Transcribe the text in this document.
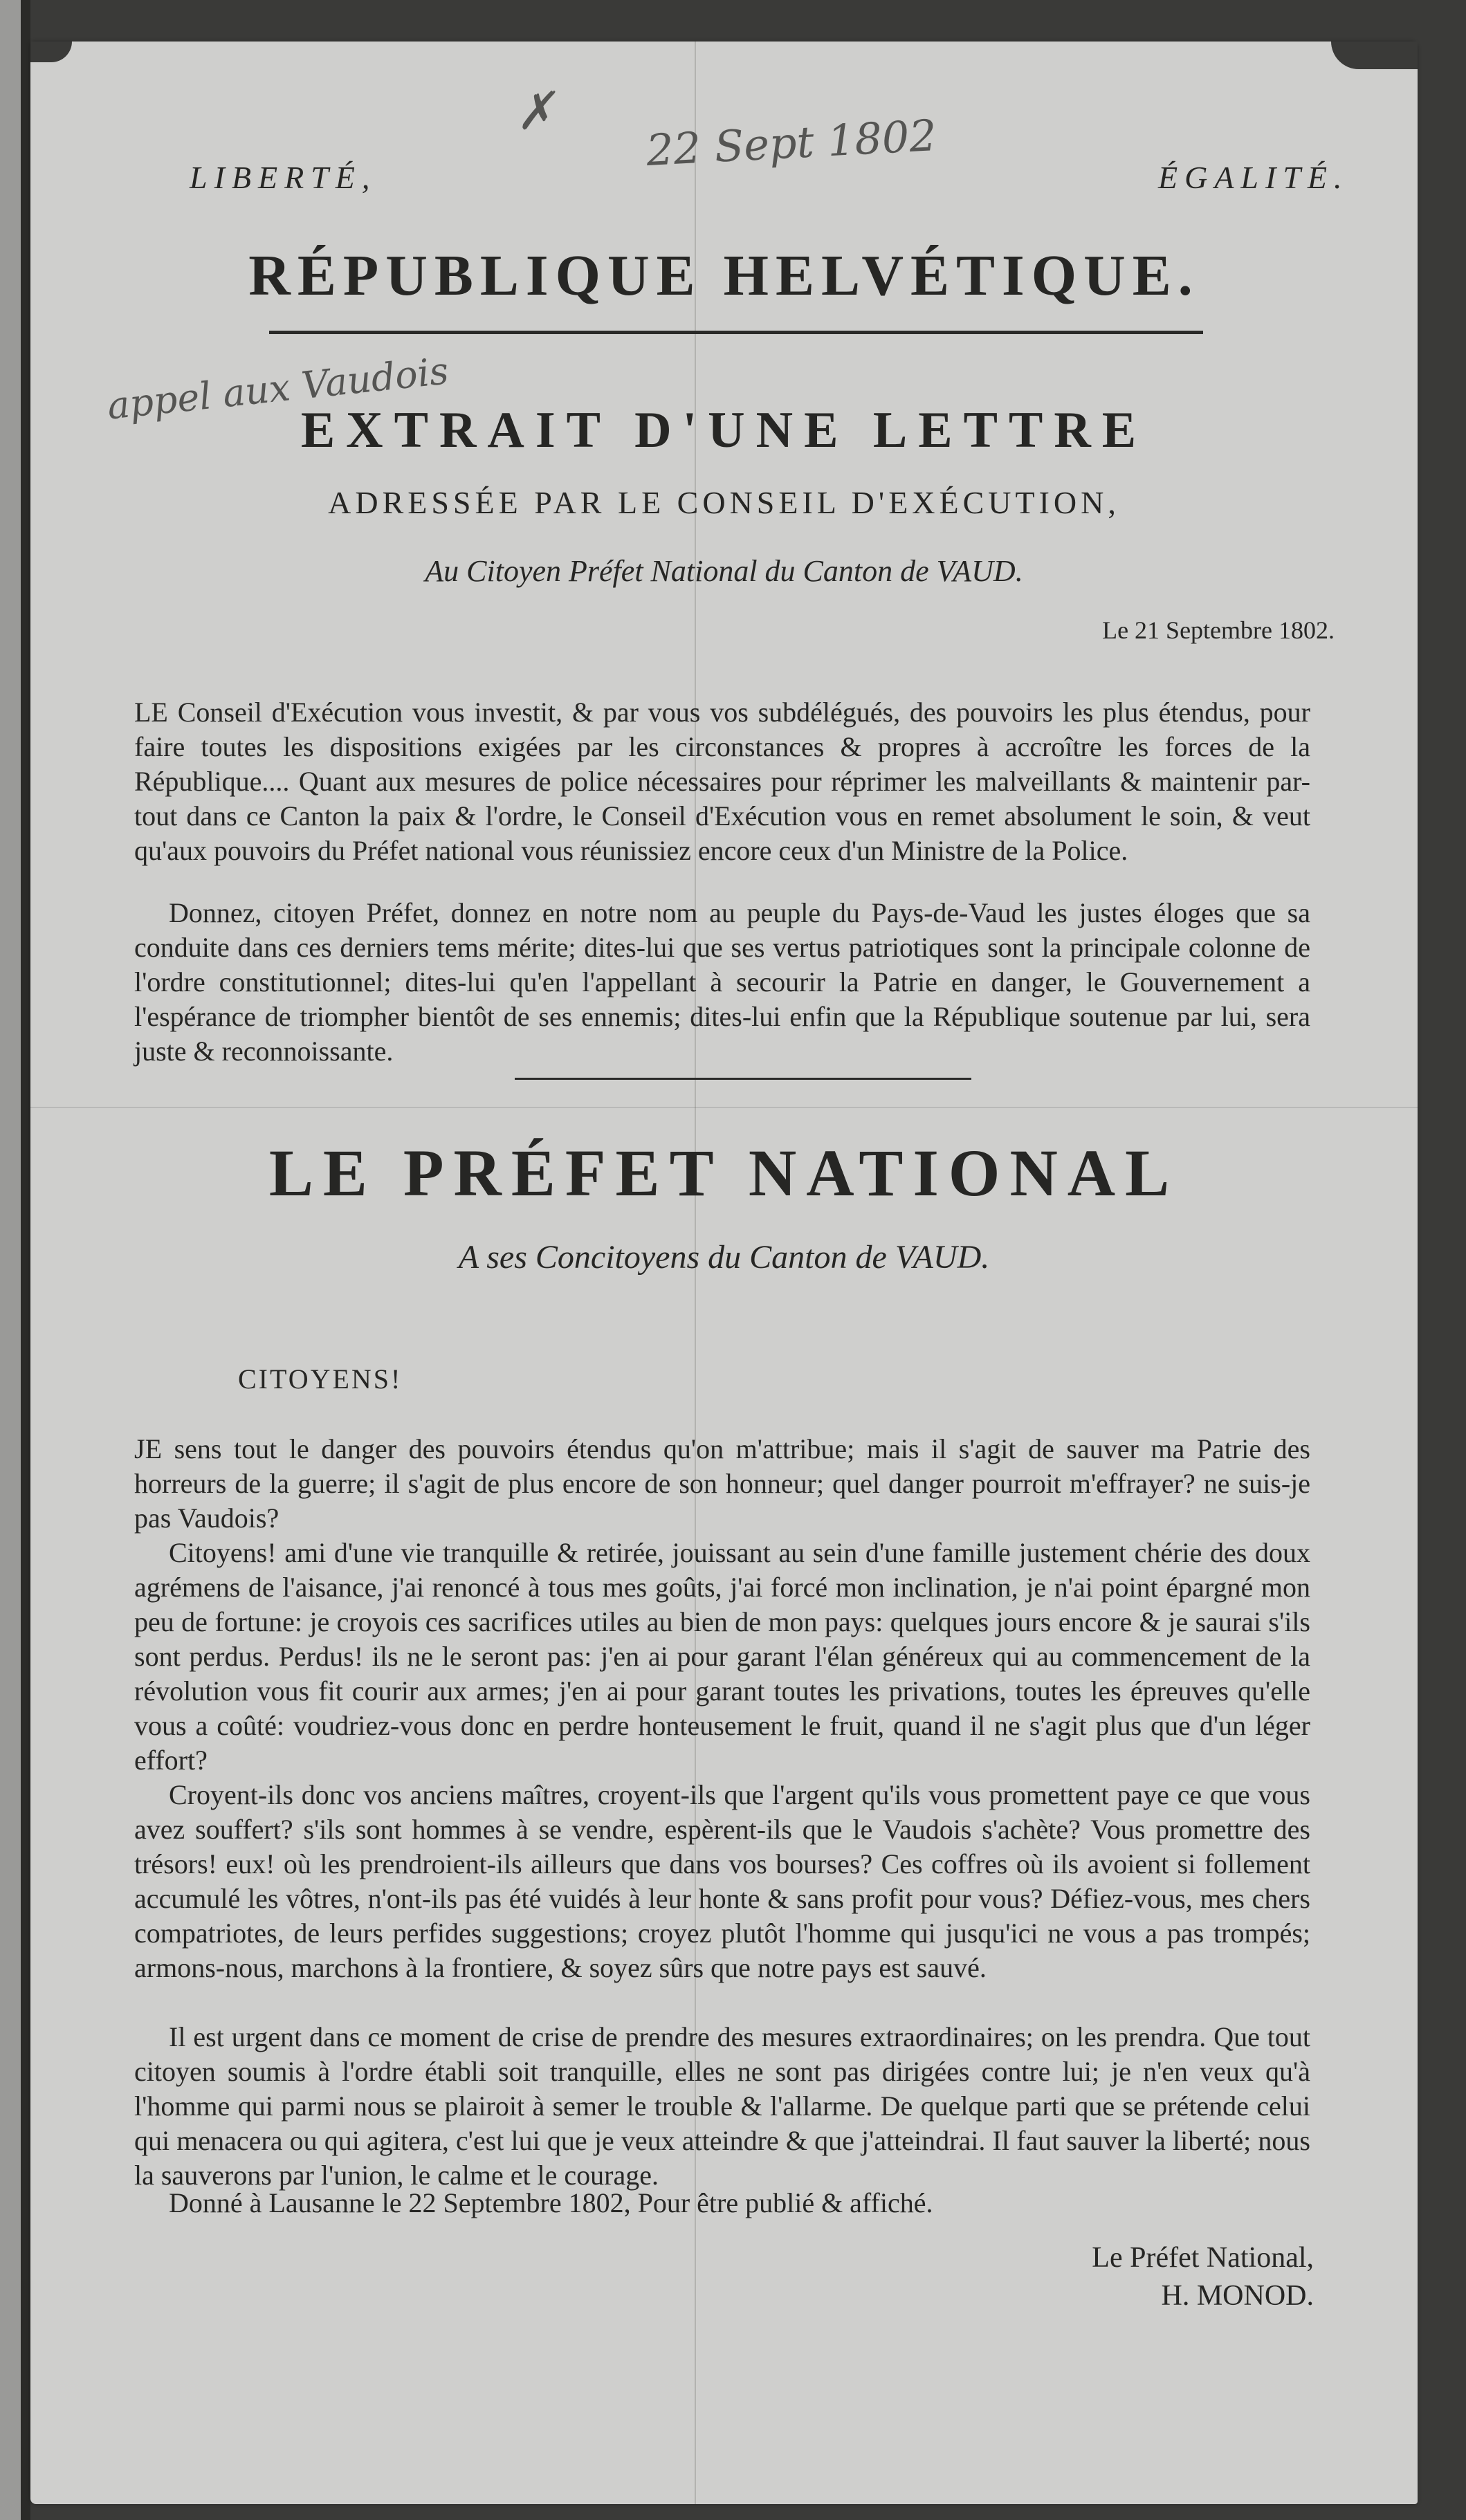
LIBERTÉ,	ÉGALITÉ.
✗ 22 Sept 1802
appel aux Vaudois
RÉPUBLIQUE HELVÉTIQUE.
EXTRAIT D'UNE LETTRE
ADRESSÉE PAR LE CONSEIL D'EXÉCUTION,
Au Citoyen Préfet National du Canton de VAUD.
Le 21 Septembre 1802.
LE Conseil d'Exécution vous investit, & par vous vos subdélégués, des pouvoirs les plus étendus, pour faire toutes les dispositions exigées par les circonstances & propres à accroître les forces de la République.... Quant aux mesures de police nécessaires pour réprimer les malveillants & maintenir par-tout dans ce Canton la paix & l'ordre, le Conseil d'Exécution vous en remet absolument le soin, & veut qu'aux pouvoirs du Préfet national vous réunissiez encore ceux d'un Ministre de la Police.
Donnez, citoyen Préfet, donnez en notre nom au peuple du Pays-de-Vaud les justes éloges que sa conduite dans ces derniers tems mérite; dites-lui que ses vertus patriotiques sont la principale colonne de l'ordre constitutionnel; dites-lui qu'en l'appellant à secourir la Patrie en danger, le Gouvernement a l'espérance de triompher bientôt de ses ennemis; dites-lui enfin que la République soutenue par lui, sera juste & reconnoissante.
LE PRÉFET NATIONAL
A ses Concitoyens du Canton de VAUD.
CITOYENS!
JE sens tout le danger des pouvoirs étendus qu'on m'attribue; mais il s'agit de sauver ma Patrie des horreurs de la guerre; il s'agit de plus encore de son honneur; quel danger pourroit m'effrayer? ne suis-je pas Vaudois?
Citoyens! ami d'une vie tranquille & retirée, jouissant au sein d'une famille justement chérie des doux agrémens de l'aisance, j'ai renoncé à tous mes goûts, j'ai forcé mon inclination, je n'ai point épargné mon peu de fortune: je croyois ces sacrifices utiles au bien de mon pays: quelques jours encore & je saurai s'ils sont perdus. Perdus! ils ne le seront pas: j'en ai pour garant l'élan généreux qui au commencement de la révolution vous fit courir aux armes; j'en ai pour garant toutes les privations, toutes les épreuves qu'elle vous a coûté: voudriez-vous donc en perdre honteusement le fruit, quand il ne s'agit plus que d'un léger effort?
Croyent-ils donc vos anciens maîtres, croyent-ils que l'argent qu'ils vous promettent paye ce que vous avez souffert? s'ils sont hommes à se vendre, espèrent-ils que le Vaudois s'achète? Vous promettre des trésors! eux! où les prendroient-ils ailleurs que dans vos bourses? Ces coffres où ils avoient si follement accumulé les vôtres, n'ont-ils pas été vuidés à leur honte & sans profit pour vous? Défiez-vous, mes chers compatriotes, de leurs perfides suggestions; croyez plutôt l'homme qui jusqu'ici ne vous a pas trompés; armons-nous, marchons à la frontiere, & soyez sûrs que notre pays est sauvé.
Il est urgent dans ce moment de crise de prendre des mesures extraordinaires; on les prendra. Que tout citoyen soumis à l'ordre établi soit tranquille, elles ne sont pas dirigées contre lui; je n'en veux qu'à l'homme qui parmi nous se plairoit à semer le trouble & l'allarme. De quelque parti que se prétende celui qui menacera ou qui agitera, c'est lui que je veux atteindre & que j'atteindrai. Il faut sauver la liberté; nous la sauverons par l'union, le calme et le courage.
Donné à Lausanne le 22 Septembre 1802, Pour être publié & affiché.
Le Préfet National,
H. MONOD.
